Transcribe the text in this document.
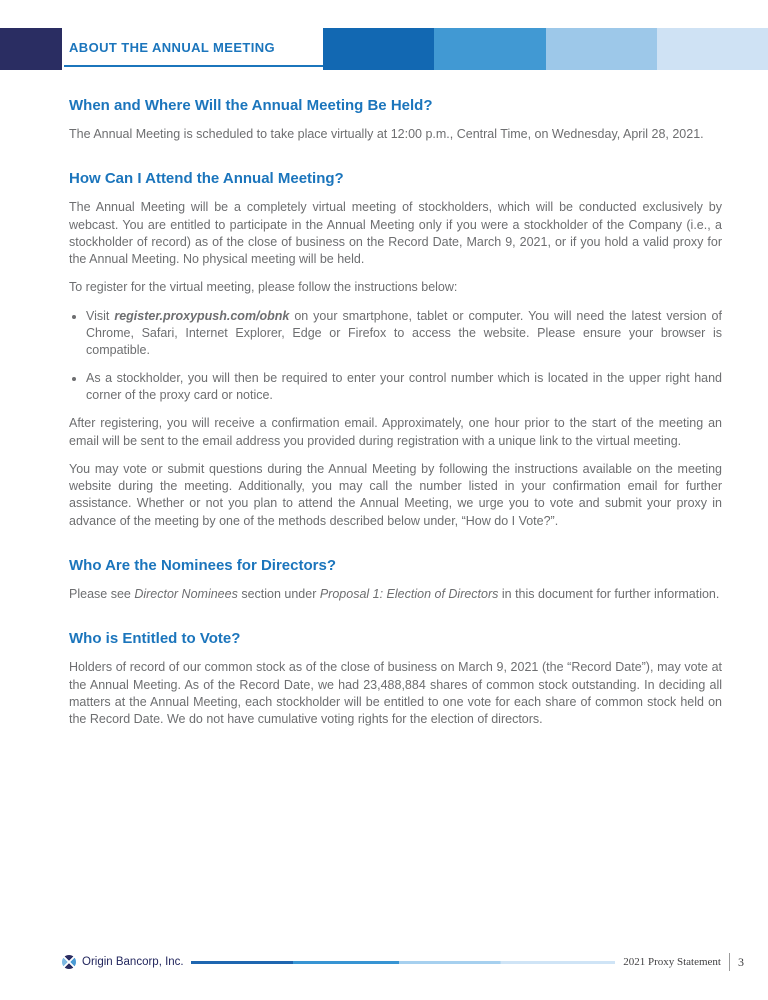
ABOUT THE ANNUAL MEETING
When and Where Will the Annual Meeting Be Held?

The Annual Meeting is scheduled to take place virtually at 12:00 p.m., Central Time, on Wednesday, April 28, 2021.

How Can I Attend the Annual Meeting?

The Annual Meeting will be a completely virtual meeting of stockholders, which will be conducted exclusively by webcast. You are entitled to participate in the Annual Meeting only if you were a stockholder of the Company (i.e., a stockholder of record) as of the close of business on the Record Date, March 9, 2021, or if you hold a valid proxy for the Annual Meeting. No physical meeting will be held.

To register for the virtual meeting, please follow the instructions below:

Visit register.proxypush.com/obnk on your smartphone, tablet or computer. You will need the latest version of Chrome, Safari, Internet Explorer, Edge or Firefox to access the website. Please ensure your browser is compatible.
As a stockholder, you will then be required to enter your control number which is located in the upper right hand corner of the proxy card or notice.

After registering, you will receive a confirmation email. Approximately, one hour prior to the start of the meeting an email will be sent to the email address you provided during registration with a unique link to the virtual meeting.

You may vote or submit questions during the Annual Meeting by following the instructions available on the meeting website during the meeting. Additionally, you may call the number listed in your confirmation email for further assistance. Whether or not you plan to attend the Annual Meeting, we urge you to vote and submit your proxy in advance of the meeting by one of the methods described below under, “How do I Vote?”.

Who Are the Nominees for Directors?

Please see Director Nominees section under Proposal 1: Election of Directors in this document for further information.

Who is Entitled to Vote?

Holders of record of our common stock as of the close of business on March 9, 2021 (the “Record Date”), may vote at the Annual Meeting. As of the Record Date, we had 23,488,884 shares of common stock outstanding. In deciding all matters at the Annual Meeting, each stockholder will be entitled to one vote for each share of common stock held on the Record Date. We do not have cumulative voting rights for the election of directors.

Origin Bancorp, Inc.	2021 Proxy Statement 3
